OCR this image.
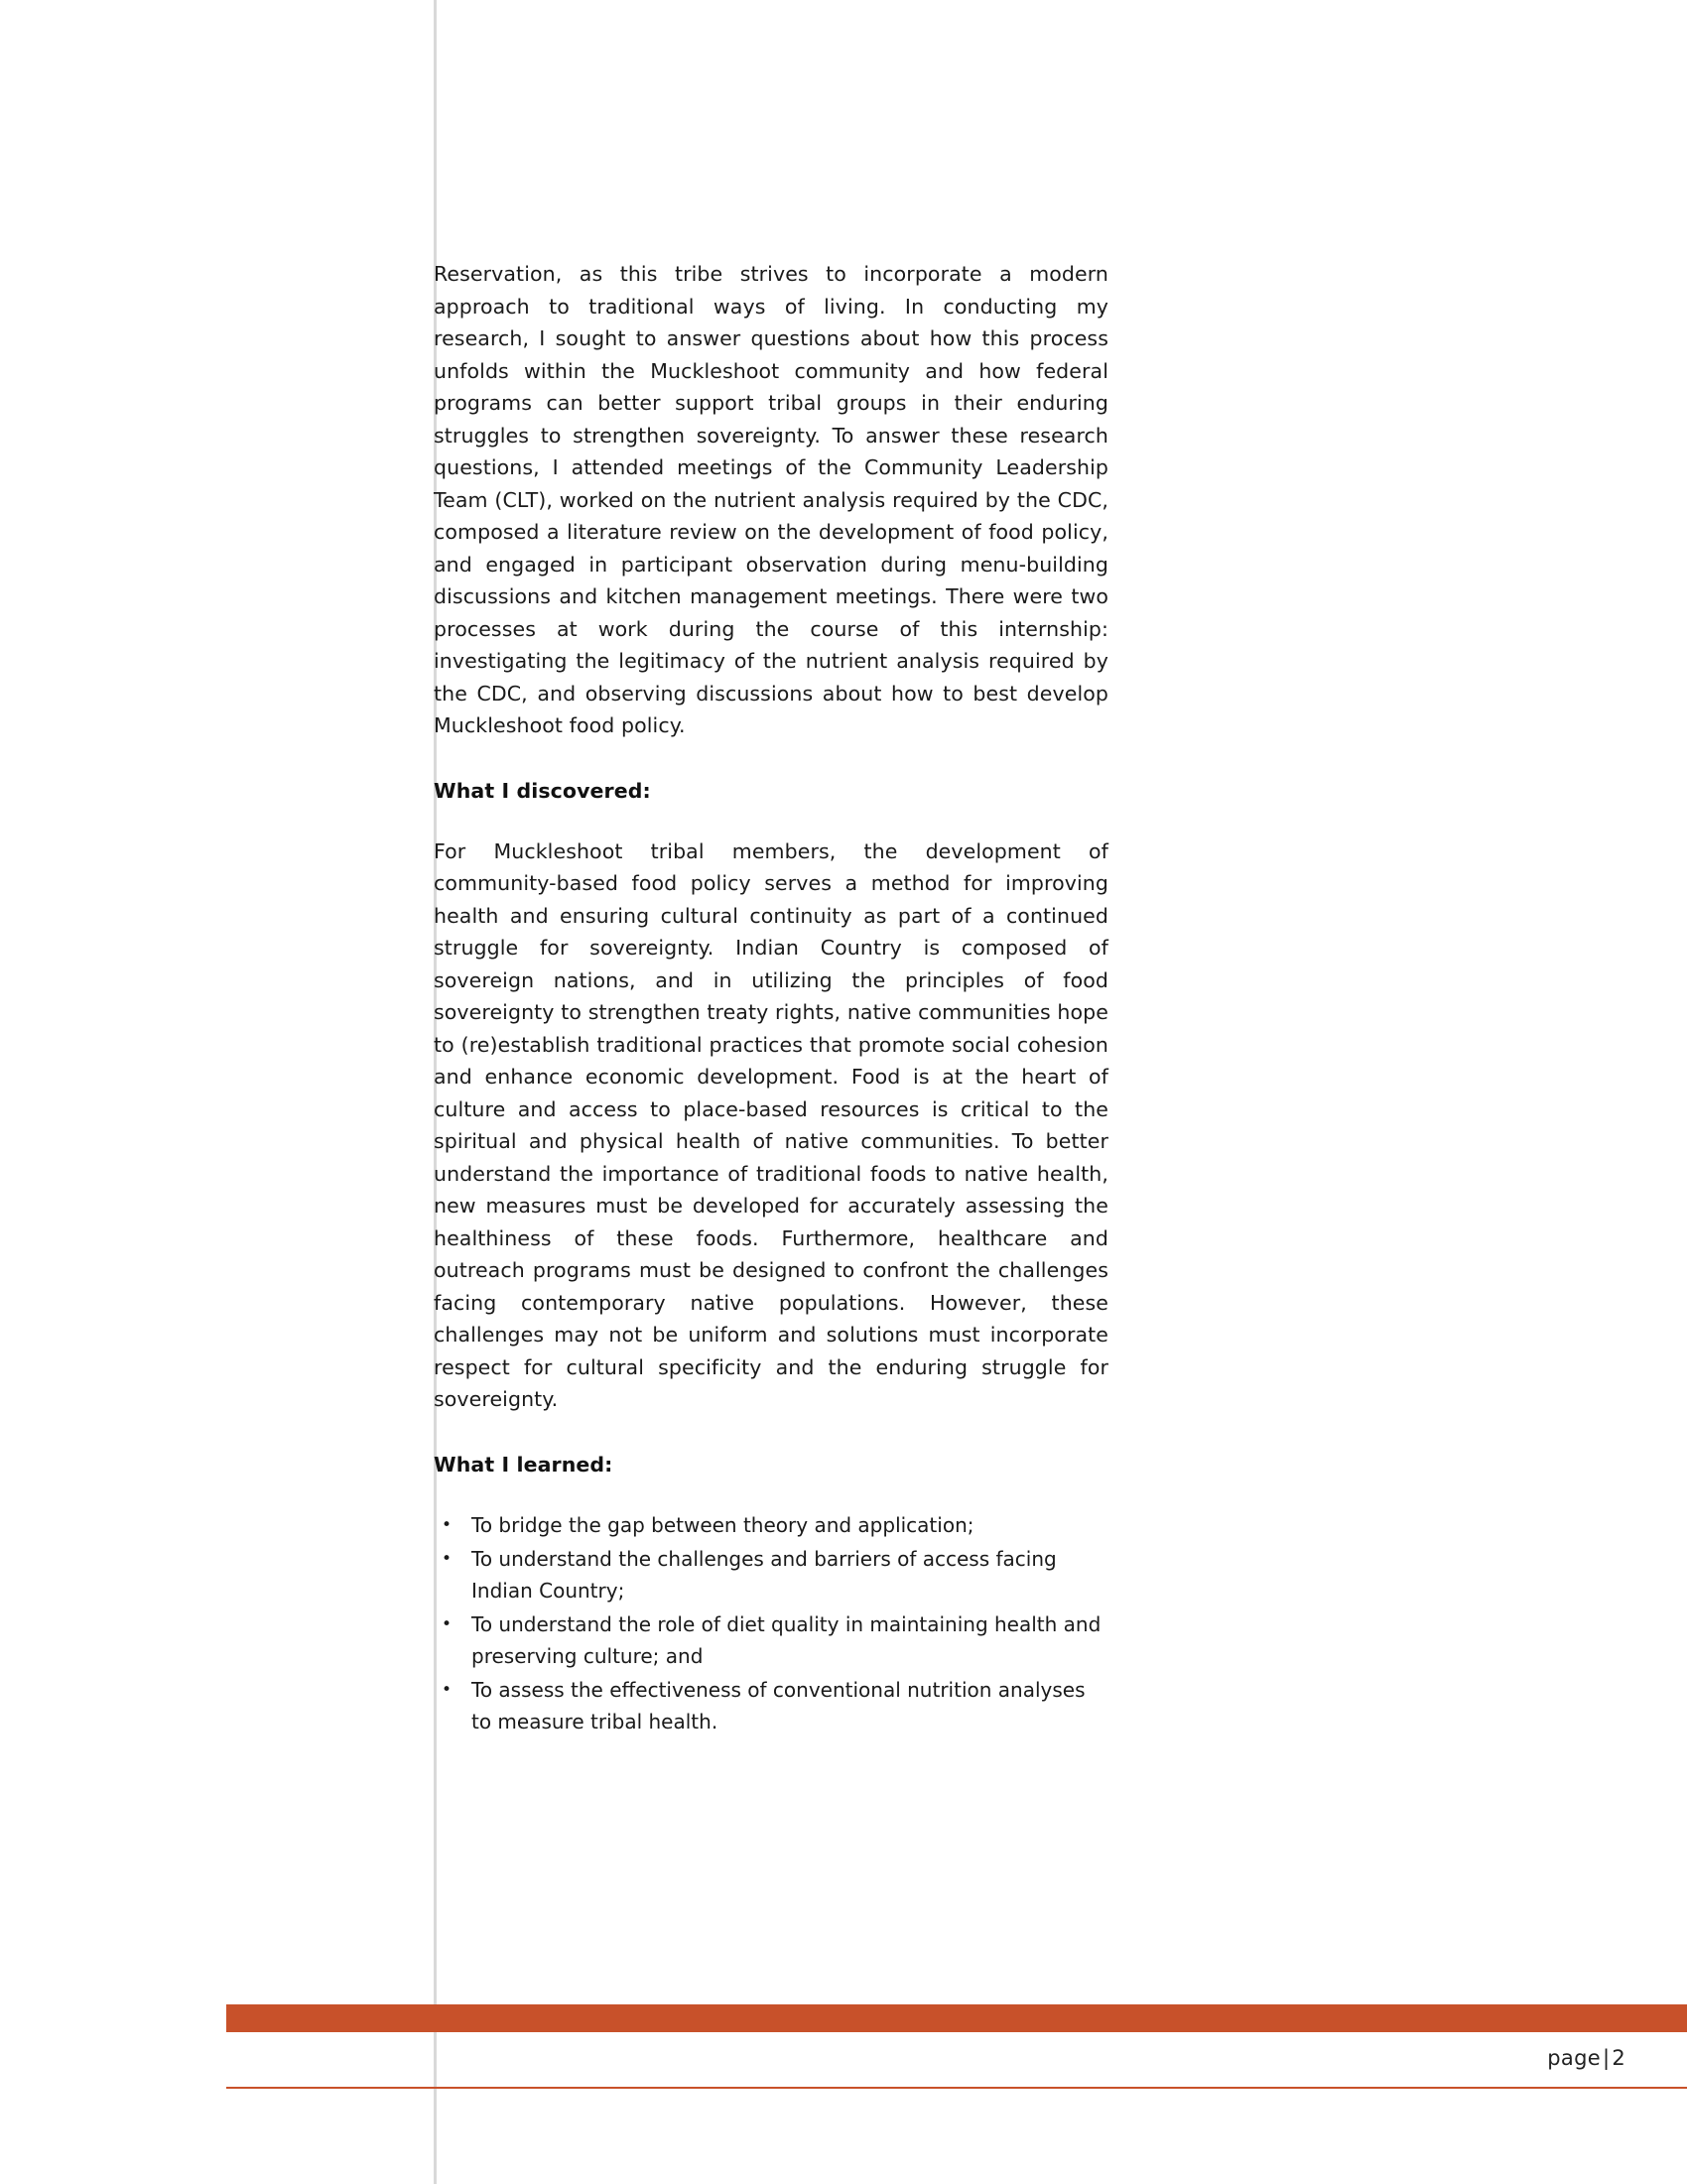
Reservation, as this tribe strives to incorporate a modern approach to traditional ways of living. In conducting my research, I sought to answer questions about how this process unfolds within the Muckleshoot community and how federal programs can better support tribal groups in their enduring struggles to strengthen sovereignty. To answer these research questions, I attended meetings of the Community Leadership Team (CLT), worked on the nutrient analysis required by the CDC, composed a literature review on the development of food policy, and engaged in participant observation during menu-building discussions and kitchen management meetings. There were two processes at work during the course of this internship: investigating the legitimacy of the nutrient analysis required by the CDC, and observing discussions about how to best develop Muckleshoot food policy.

What I discovered:

For Muckleshoot tribal members, the development of community-based food policy serves a method for improving health and ensuring cultural continuity as part of a continued struggle for sovereignty. Indian Country is composed of sovereign nations, and in utilizing the principles of food sovereignty to strengthen treaty rights, native communities hope to (re)establish traditional practices that promote social cohesion and enhance economic development. Food is at the heart of culture and access to place-based resources is critical to the spiritual and physical health of native communities. To better understand the importance of traditional foods to native health, new measures must be developed for accurately assessing the healthiness of these foods. Furthermore, healthcare and outreach programs must be designed to confront the challenges facing contemporary native populations. However, these challenges may not be uniform and solutions must incorporate respect for cultural specificity and the enduring struggle for sovereignty.

What I learned:
• To bridge the gap between theory and application;
• To understand the challenges and barriers of access facing Indian Country;
• To understand the role of diet quality in maintaining health and preserving culture; and
• To assess the effectiveness of conventional nutrition analyses to measure tribal health.
page|2
